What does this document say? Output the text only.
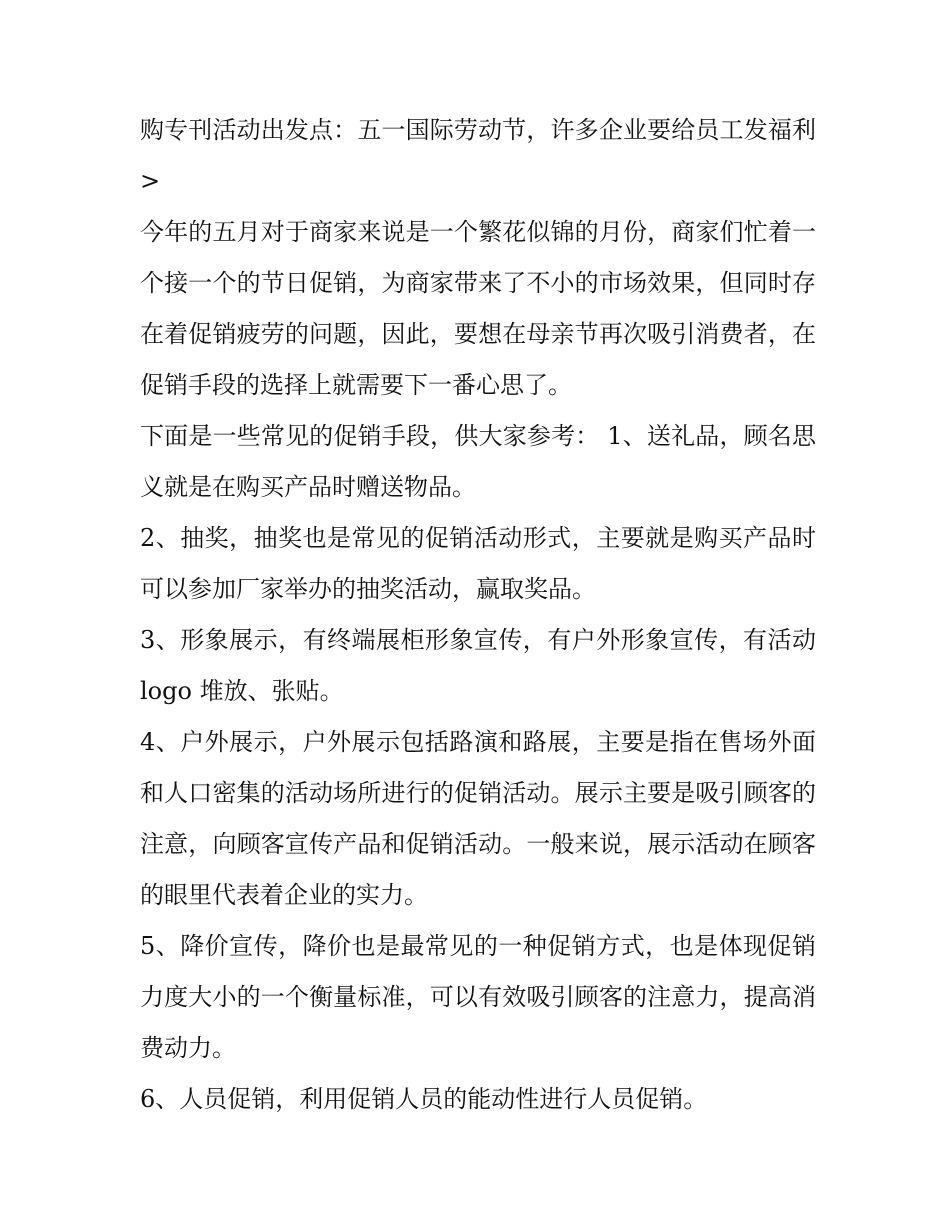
购专刊活动出发点：五一国际劳动节，许多企业要给员工发福利>

今年的五月对于商家来说是一个繁花似锦的月份，商家们忙着一个接一个的节日促销，为商家带来了不小的市场效果，但同时存在着促销疲劳的问题，因此，要想在母亲节再次吸引消费者，在促销手段的选择上就需要下一番心思了。

下面是一些常见的促销手段，供大家参考： 1、送礼品，顾名思义就是在购买产品时赠送物品。

2、抽奖，抽奖也是常见的促销活动形式，主要就是购买产品时可以参加厂家举办的抽奖活动，赢取奖品。

3、形象展示，有终端展柜形象宣传，有户外形象宣传，有活动 logo 堆放、张贴。

4、户外展示，户外展示包括路演和路展，主要是指在售场外面和人口密集的活动场所进行的促销活动。展示主要是吸引顾客的注意，向顾客宣传产品和促销活动。一般来说，展示活动在顾客的眼里代表着企业的实力。

5、降价宣传，降价也是最常见的一种促销方式，也是体现促销力度大小的一个衡量标准，可以有效吸引顾客的注意力，提高消费动力。

6、人员促销，利用促销人员的能动性进行人员促销。
